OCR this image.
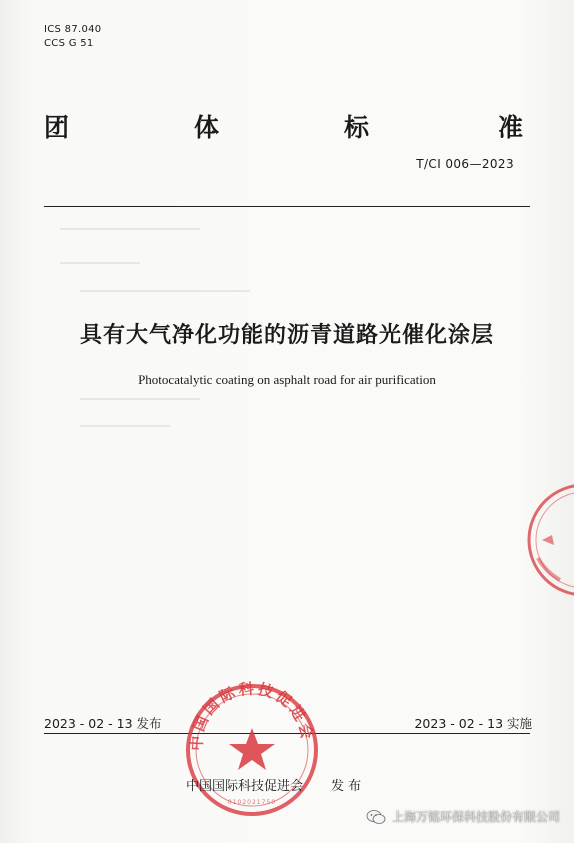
ICS 87.040
CCS G 51
团	体	标	准
T/CI 006—2023
具有大气净化功能的沥青道路光催化涂层
Photocatalytic coating on asphalt road for air purification
2023 - 02 - 13 发布	2023 - 02 - 13 实施
中国国际科技促进会
0102021750
中国国际科技促进会 发 布
上海万铭环保科技股份有限公司
